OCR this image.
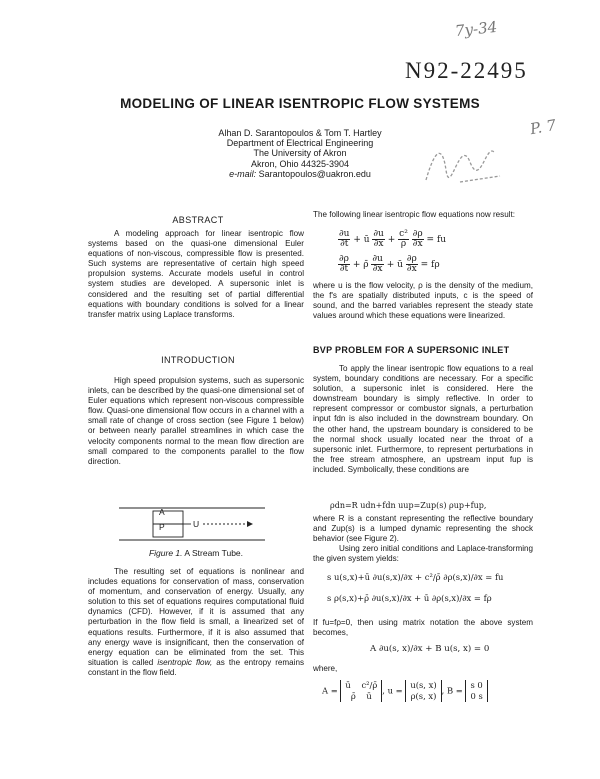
N92-22495
7y-34
P. 7
MODELING OF LINEAR ISENTROPIC FLOW SYSTEMS
Alhan D. Sarantopoulos & Tom T. Hartley
Department of Electrical Engineering
The University of Akron
Akron, Ohio 44325-3904
e-mail: Sarantopoulos@uakron.edu
ABSTRACT

A modeling approach for linear isentropic flow systems based on the quasi-one dimensional Euler equations of non-viscous, compressible flow is presented. Such systems are representative of certain high speed propulsion systems. Accurate models useful in control system studies are developed. A supersonic inlet is considered and the resulting set of partial differential equations with boundary conditions is solved for a linear transfer matrix using Laplace transforms.

INTRODUCTION

High speed propulsion systems, such as supersonic inlets, can be described by the quasi-one dimensional set of Euler equations which represent non-viscous compressible flow. Quasi-one dimensional flow occurs in a channel with a small rate of change of cross section (see Figure 1 below) or between nearly parallel streamlines in which case the velocity components normal to the mean flow direction are small compared to the components parallel to the flow direction.

A
P	U
Figure 1. A Stream Tube.

The resulting set of equations is nonlinear and includes equations for conservation of mass, conservation of momentum, and conservation of energy. Usually, any solution to this set of equations requires computational fluid dynamics (CFD). However, if it is assumed that any perturbation in the flow field is small, a linearized set of equations results. Furthermore, if it is also assumed that any energy wave is insignificant, then the conservation of energy equation can be eliminated from the set. This situation is called isentropic flow, as the entropy remains constant in the flow field.

The following linear isentropic flow equations now result:

$\frac{\partial u}{\partial t}$ + ū $\frac{\partial u}{\partial x} + \frac{\text{c²}}{\rhō}$
$\frac{\partial\rho}{\partial x}$ = fu
$\frac{\partial\rho}{\partial t}$ + ρ̄ $\frac{\partial u}{\partial x}$ + ū $\frac{\partial\rho}{\partial x} = f\rho$

where u is the flow velocity, ρ is the density of the medium, the f's are spatially distributed inputs, c is the speed of sound, and the barred variables represent the steady state values around which these equations were linearized.

BVP PROBLEM FOR A SUPERSONIC INLET

To apply the linear isentropic flow equations to a real system, boundary conditions are necessary. For a specific solution, a supersonic inlet is considered. Here the downstream boundary is simply reflective. In order to represent compressor or combustor signals, a perturbation input fdn is also included in the downstream boundary. On the other hand, the upstream boundary is considered to be the normal shock usually located near the throat of a supersonic inlet. Furthermore, to represent perturbations in the free stream atmosphere, an upstream input fup is included. Symbolically, these conditions are

ρdn=R udn+fdn uup=Zup(s) ρup+fup,

where R is a constant representing the reflective boundary and Zup(s) is a lumped dynamic representing the shock behavior (see Figure 2).

Using zero initial conditions and Laplace-transforming the given system yields:

s u(s,x)+ū ∂u(s,x)/∂x + c²/ρ̄ ∂ρ(s,x)/∂x = fu
s ρ(s,x)+ρ̄ ∂u(s,x)/∂x + ū ∂ρ(s,x)/∂x = fρ

If fu=fρ=0, then using matrix notation the above system becomes,

A ∂u(s, x)/∂x + B u(s, x) = 0
where,
A = ū c²/ρ̄
ρ̄ ū, u = u(s, x)
ρ(s, x), B = s 0
0 s
